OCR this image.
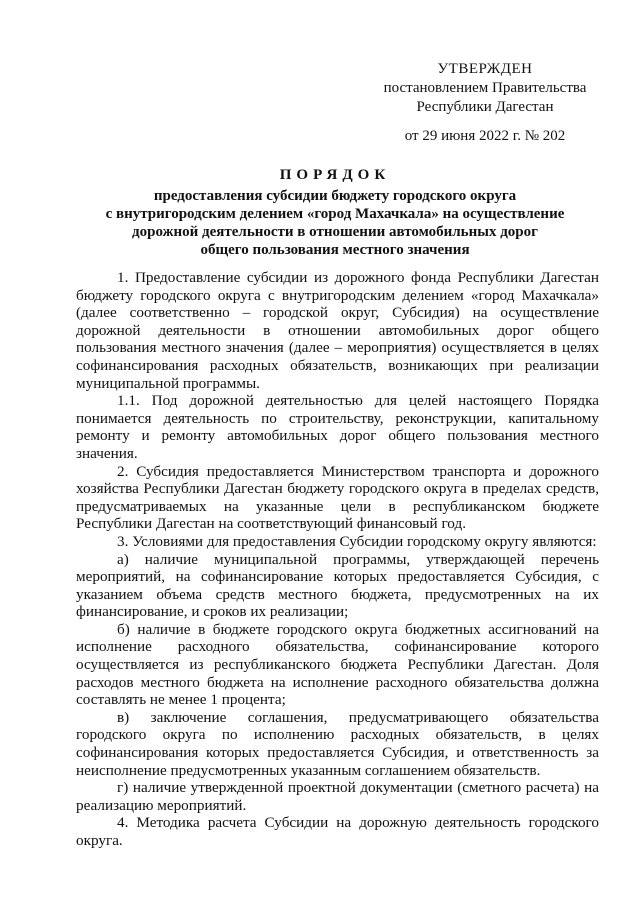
УТВЕРЖДЕН
постановлением Правительства
Республики Дагестан
от 29 июня 2022 г. № 202
ПОРЯДОК
предоставления субсидии бюджету городского округа
с внутригородским делением «город Махачкала» на осуществление
дорожной деятельности в отношении автомобильных дорог
общего пользования местного значения
1. Предоставление субсидии из дорожного фонда Республики Дагестан
бюджету городского округа с внутригородским делением «город Махачкала»
(далее соответственно – городской округ, Субсидия) на осуществление
дорожной деятельности в отношении автомобильных дорог общего
пользования местного значения (далее – мероприятия) осуществляется в целях
софинансирования расходных обязательств, возникающих при реализации
муниципальной программы.
1.1. Под дорожной деятельностью для целей настоящего Порядка
понимается деятельность по строительству, реконструкции, капитальному
ремонту и ремонту автомобильных дорог общего пользования местного
значения.
2. Субсидия предоставляется Министерством транспорта и дорожного
хозяйства Республики Дагестан бюджету городского округа в пределах средств,
предусматриваемых на указанные цели в республиканском бюджете
Республики Дагестан на соответствующий финансовый год.
3. Условиями для предоставления Субсидии городскому округу являются:
а) наличие муниципальной программы, утверждающей перечень
мероприятий, на софинансирование которых предоставляется Субсидия, с
указанием объема средств местного бюджета, предусмотренных на их
финансирование, и сроков их реализации;
б) наличие в бюджете городского округа бюджетных ассигнований на
исполнение расходного обязательства, софинансирование которого
осуществляется из республиканского бюджета Республики Дагестан. Доля
расходов местного бюджета на исполнение расходного обязательства должна
составлять не менее 1 процента;
в) заключение соглашения, предусматривающего обязательства
городского округа по исполнению расходных обязательств, в целях
софинансирования которых предоставляется Субсидия, и ответственность за
неисполнение предусмотренных указанным соглашением обязательств.
г) наличие утвержденной проектной документации (сметного расчета) на
реализацию мероприятий.
4. Методика расчета Субсидии на дорожную деятельность городского
округа.
